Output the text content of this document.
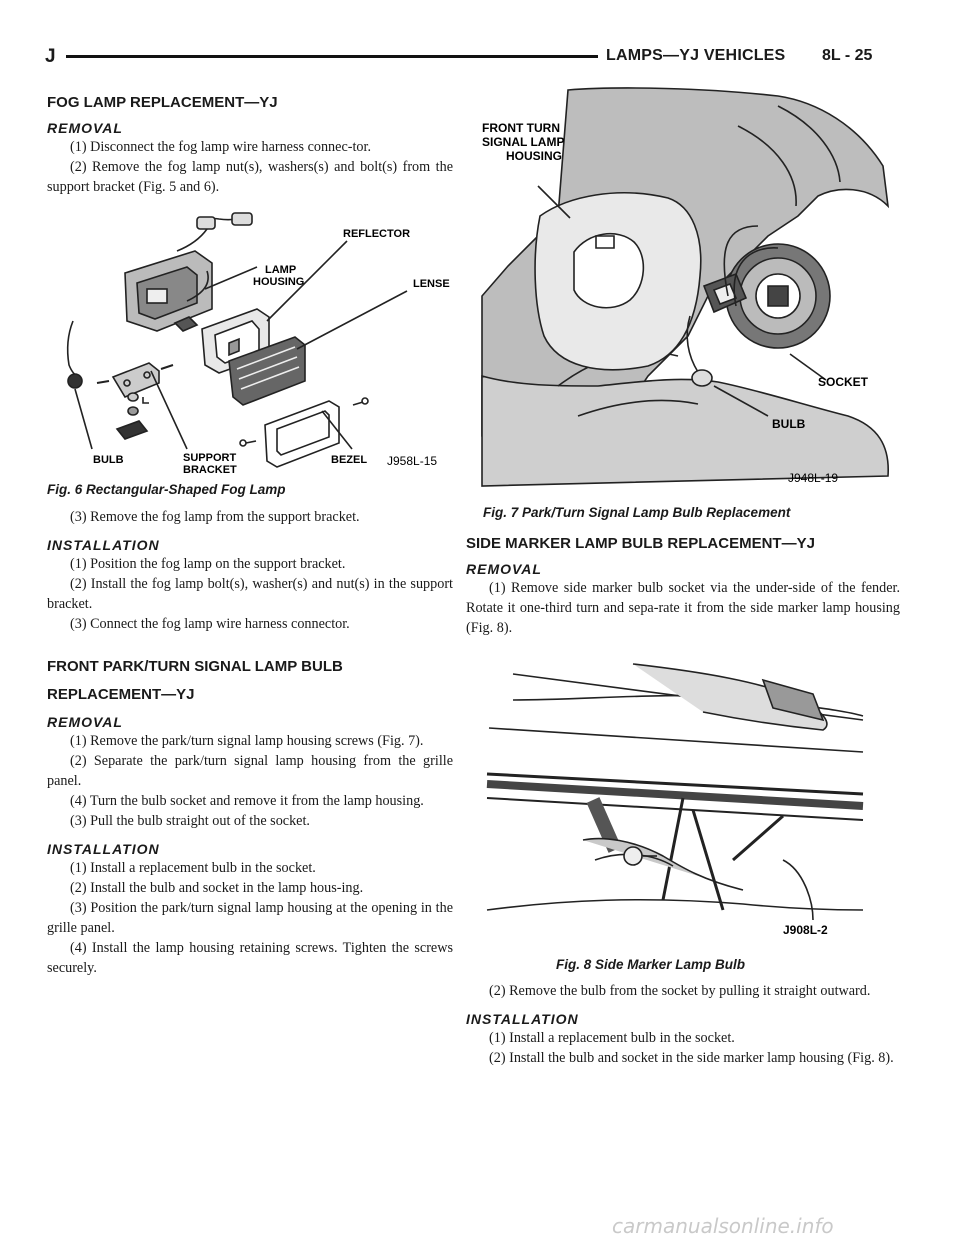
J	LAMPS—YJ VEHICLES 8L - 25
FOG LAMP REPLACEMENT—YJ
REMOVAL

(1) Disconnect the fog lamp wire harness connec-tor.

(2) Remove the fog lamp nut(s), washers(s) and bolt(s) from the support bracket (Fig. 5 and 6).

LAMP
HOUSING
REFLECTOR
LENSE
BULB	SUPPORT
BRACKET
BEZEL J958L-15
Fig. 6 Rectangular-Shaped Fog Lamp

(3) Remove the fog lamp from the support bracket.

INSTALLATION

(1) Position the fog lamp on the support bracket.

(2) Install the fog lamp bolt(s), washer(s) and nut(s) in the support bracket.

(3) Connect the fog lamp wire harness connector.

FRONT PARK/TURN SIGNAL LAMP BULB
REPLACEMENT—YJ
REMOVAL

(1) Remove the park/turn signal lamp housing screws (Fig. 7).

(2) Separate the park/turn signal lamp housing from the grille panel.

(4) Turn the bulb socket and remove it from the lamp housing.

(3) Pull the bulb straight out of the socket.

INSTALLATION

(1) Install a replacement bulb in the socket.

(2) Install the bulb and socket in the lamp hous-ing.

(3) Position the park/turn signal lamp housing at the opening in the grille panel.

(4) Install the lamp housing retaining screws. Tighten the screws securely.

FRONT TURN
SIGNAL LAMP
HOUSING
SOCKET
BULB
J948L-19
Fig. 7 Park/Turn Signal Lamp Bulb Replacement
SIDE MARKER LAMP BULB REPLACEMENT—YJ
REMOVAL

(1) Remove side marker bulb socket via the under-side of the fender. Rotate it one-third turn and sepa-rate it from the side marker lamp housing (Fig. 8).

J908L-2
Fig. 8 Side Marker Lamp Bulb

(2) Remove the bulb from the socket by pulling it straight outward.

INSTALLATION

(1) Install a replacement bulb in the socket.

(2) Install the bulb and socket in the side marker lamp housing (Fig. 8).

carmanualsonline.info
